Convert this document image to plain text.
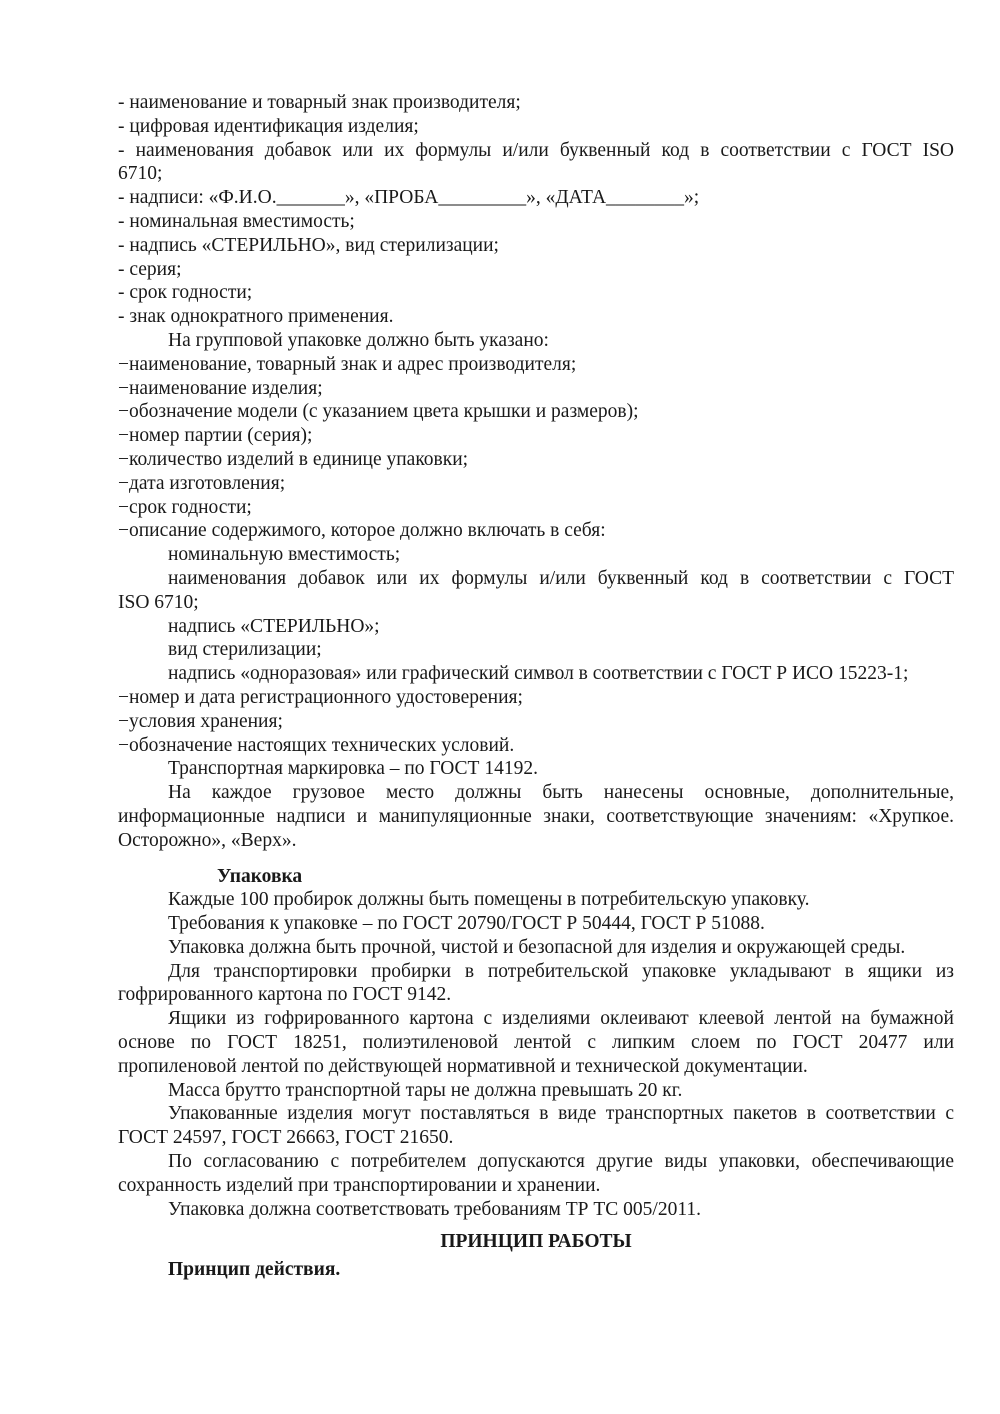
- наименование и товарный знак производителя;

- цифровая идентификация изделия;

- наименования добавок или их формулы и/или буквенный код в соответствии с ГОСТ ISO
6710;

- надписи: «Ф.И.О._______», «ПРОБА_________», «ДАТА________»;

- номинальная вместимость;

- надпись «СТЕРИЛЬНО», вид стерилизации;

- серия;

- срок годности;

- знак однократного применения.

На групповой упаковке должно быть указано:

−наименование, товарный знак и адрес производителя;

−наименование изделия;

−обозначение модели (с указанием цвета крышки и размеров);

−номер партии (серия);

−количество изделий в единице упаковки;

−дата изготовления;

−срок годности;

−описание содержимого, которое должно включать в себя:

номинальную вместимость;

наименования добавок или их формулы и/или буквенный код в соответствии с ГОСТ
ISO 6710;

надпись «СТЕРИЛЬНО»;

вид стерилизации;

надпись «одноразовая» или графический символ в соответствии с ГОСТ Р ИСО 15223-1;

−номер и дата регистрационного удостоверения;

−условия хранения;

−обозначение настоящих технических условий.

Транспортная маркировка – по ГОСТ 14192.

На каждое грузовое место должны быть нанесены основные, дополнительные,
информационные надписи и манипуляционные знаки, соответствующие значениям: «Хрупкое.
Осторожно», «Верх».

Упаковка

Каждые 100 пробирок должны быть помещены в потребительскую упаковку.

Требования к упаковке – по ГОСТ 20790/ГОСТ Р 50444, ГОСТ Р 51088.

Упаковка должна быть прочной, чистой и безопасной для изделия и окружающей среды.

Для транспортировки пробирки в потребительской упаковке укладывают в ящики из
гофрированного картона по ГОСТ 9142.

Ящики из гофрированного картона с изделиями оклеивают клеевой лентой на бумажной
основе по ГОСТ 18251, полиэтиленовой лентой с липким слоем по ГОСТ 20477 или
пропиленовой лентой по действующей нормативной и технической документации.

Масса брутто транспортной тары не должна превышать 20 кг.

Упакованные изделия могут поставляться в виде транспортных пакетов в соответствии с
ГОСТ 24597, ГОСТ 26663, ГОСТ 21650.

По согласованию с потребителем допускаются другие виды упаковки, обеспечивающие
сохранность изделий при транспортировании и хранении.

Упаковка должна соответствовать требованиям ТР ТС 005/2011.

ПРИНЦИП РАБОТЫ

Принцип действия.
